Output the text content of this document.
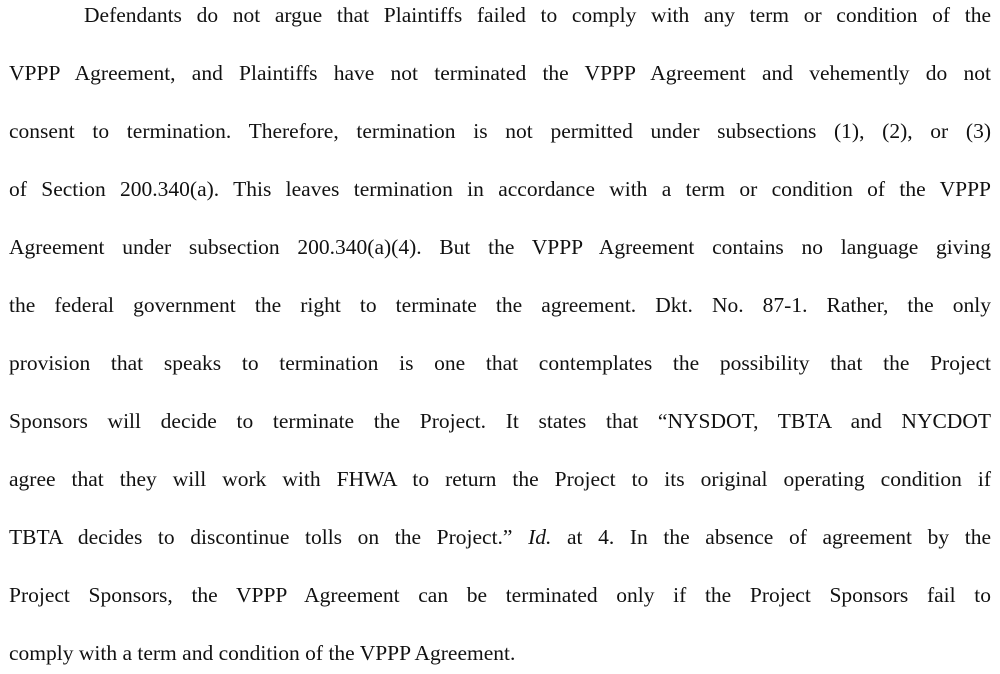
Defendants do not argue that Plaintiffs failed to comply with any term or condition of the
VPPP Agreement, and Plaintiffs have not terminated the VPPP Agreement and vehemently do not
consent to termination. Therefore, termination is not permitted under subsections (1), (2), or (3)
of Section 200.340(a). This leaves termination in accordance with a term or condition of the VPPP
Agreement under subsection 200.340(a)(4). But the VPPP Agreement contains no language giving
the federal government the right to terminate the agreement. Dkt. No. 87-1. Rather, the only
provision that speaks to termination is one that contemplates the possibility that the Project
Sponsors will decide to terminate the Project. It states that “NYSDOT, TBTA and NYCDOT
agree that they will work with FHWA to return the Project to its original operating condition if
TBTA decides to discontinue tolls on the Project.” Id. at 4. In the absence of agreement by the
Project Sponsors, the VPPP Agreement can be terminated only if the Project Sponsors fail to
comply with a term and condition of the VPPP Agreement.
